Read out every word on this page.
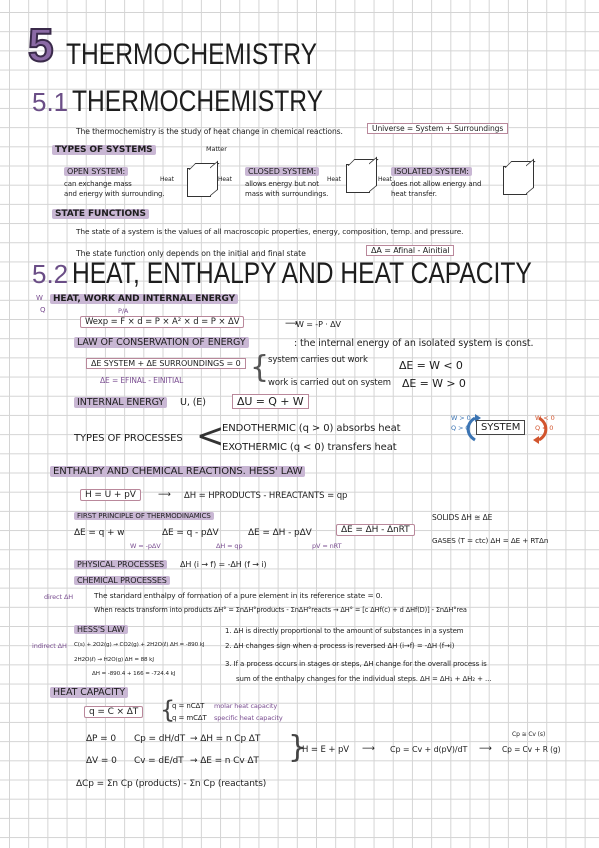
5 THERMOCHEMISTRY
5.1 THERMOCHEMISTRY
The thermochemistry is the study of heat change in chemical reactions.	Universe = System + Surroundings
TYPES OF SYSTEMS	Matter
OPEN SYSTEM:
can exchange mass
and energy with surrounding.
Heat	Heat
CLOSED SYSTEM:
allows energy but not
mass with surroundings.
Heat	Heat
ISOLATED SYSTEM:
does not allow energy and
heat transfer.
STATE FUNCTIONS
The state of a system is the values of all macroscopic properties, energy, composition, temp. and pressure.
The state function only depends on the initial and final state	ΔA = Afinal - Ainitial
5.2 HEAT, ENTHALPY AND HEAT CAPACITY
W
Q
HEAT, WORK AND INTERNAL ENERGY
P/A
Wexp = F × d = P × A² × d = P × ΔV	W = -P · ΔV
⟶
LAW OF CONSERVATION OF ENERGY	: the internal energy of an isolated system is const.
ΔE SYSTEM + ΔE SURROUNDINGS = 0
ΔE = EFINAL - EINITIAL {
system carries out work	ΔE = W < 0
work is carried out on system ΔE = W > 0
INTERNAL ENERGY	U, (E)	ΔU = Q + W
TYPES OF PROCESSES <
ENDOTHERMIC (q > 0) absorbs heat
EXOTHERMIC (q < 0) transfers heat
SYSTEM
W > 0
Q > 0
W < 0
Q < 0
ENTHALPY AND CHEMICAL REACTIONS. HESS' LAW
H = U + pV	⟶ ΔH = HPRODUCTS - HREACTANTS = qp
FIRST PRINCIPLE OF THERMODINAMICS
ΔE = q + w
W = -pΔV
ΔE = q - pΔV
ΔH = qp
ΔE = ΔH - pΔV
pV = nRT
ΔE = ΔH - ΔnRT
SOLIDS ΔH ≅ ΔE
GASES (T = ctc) ΔH = ΔE + RTΔn
PHYSICAL PROCESSES	ΔH (i → f) = -ΔH (f → i)
CHEMICAL PROCESSES
direct ΔH	The standard enthalpy of formation of a pure element in its reference state = 0.
When reacts transform into products ΔH° = ΣnΔH°products - ΣnΔH°reacts → ΔH° = [c ΔHf(c) + d ΔHf(D)] - ΣnΔH°rea
HESS'S LAW
indirect ΔH C(s) + 2O2(g) → CO2(g) + 2H2O(ℓ) ΔH = -890 kJ
2H2O(ℓ) → H2O(g) ΔH = 88 kJ
ΔH = -890.4 + 166 = -724.4 kJ
1. ΔH is directly proportional to the amount of substances in a system
2. ΔH changes sign when a process is reversed ΔH (i→f) = -ΔH (f→i)
3. If a process occurs in stages or steps, ΔH change for the overall process is
sum of the enthalpy changes for the individual steps. ΔH = ΔH₁ + ΔH₂ + ...
HEAT CAPACITY
q = C × ΔT {
q = nCΔT molar heat capacity
q = mCΔT specific heat capacity
ΔP = 0 Cp = dH/dT → ΔH = n Cp ΔT
ΔV = 0 Cv = dE/dT → ΔE = n Cv ΔT }
H = E + pV ⟶ Cp = Cv + d(pV)/dT ⟶
Cp ≅ Cv (s)
Cp = Cv + R (g)
ΔCp = Σn Cp (products) - Σn Cp (reactants)
